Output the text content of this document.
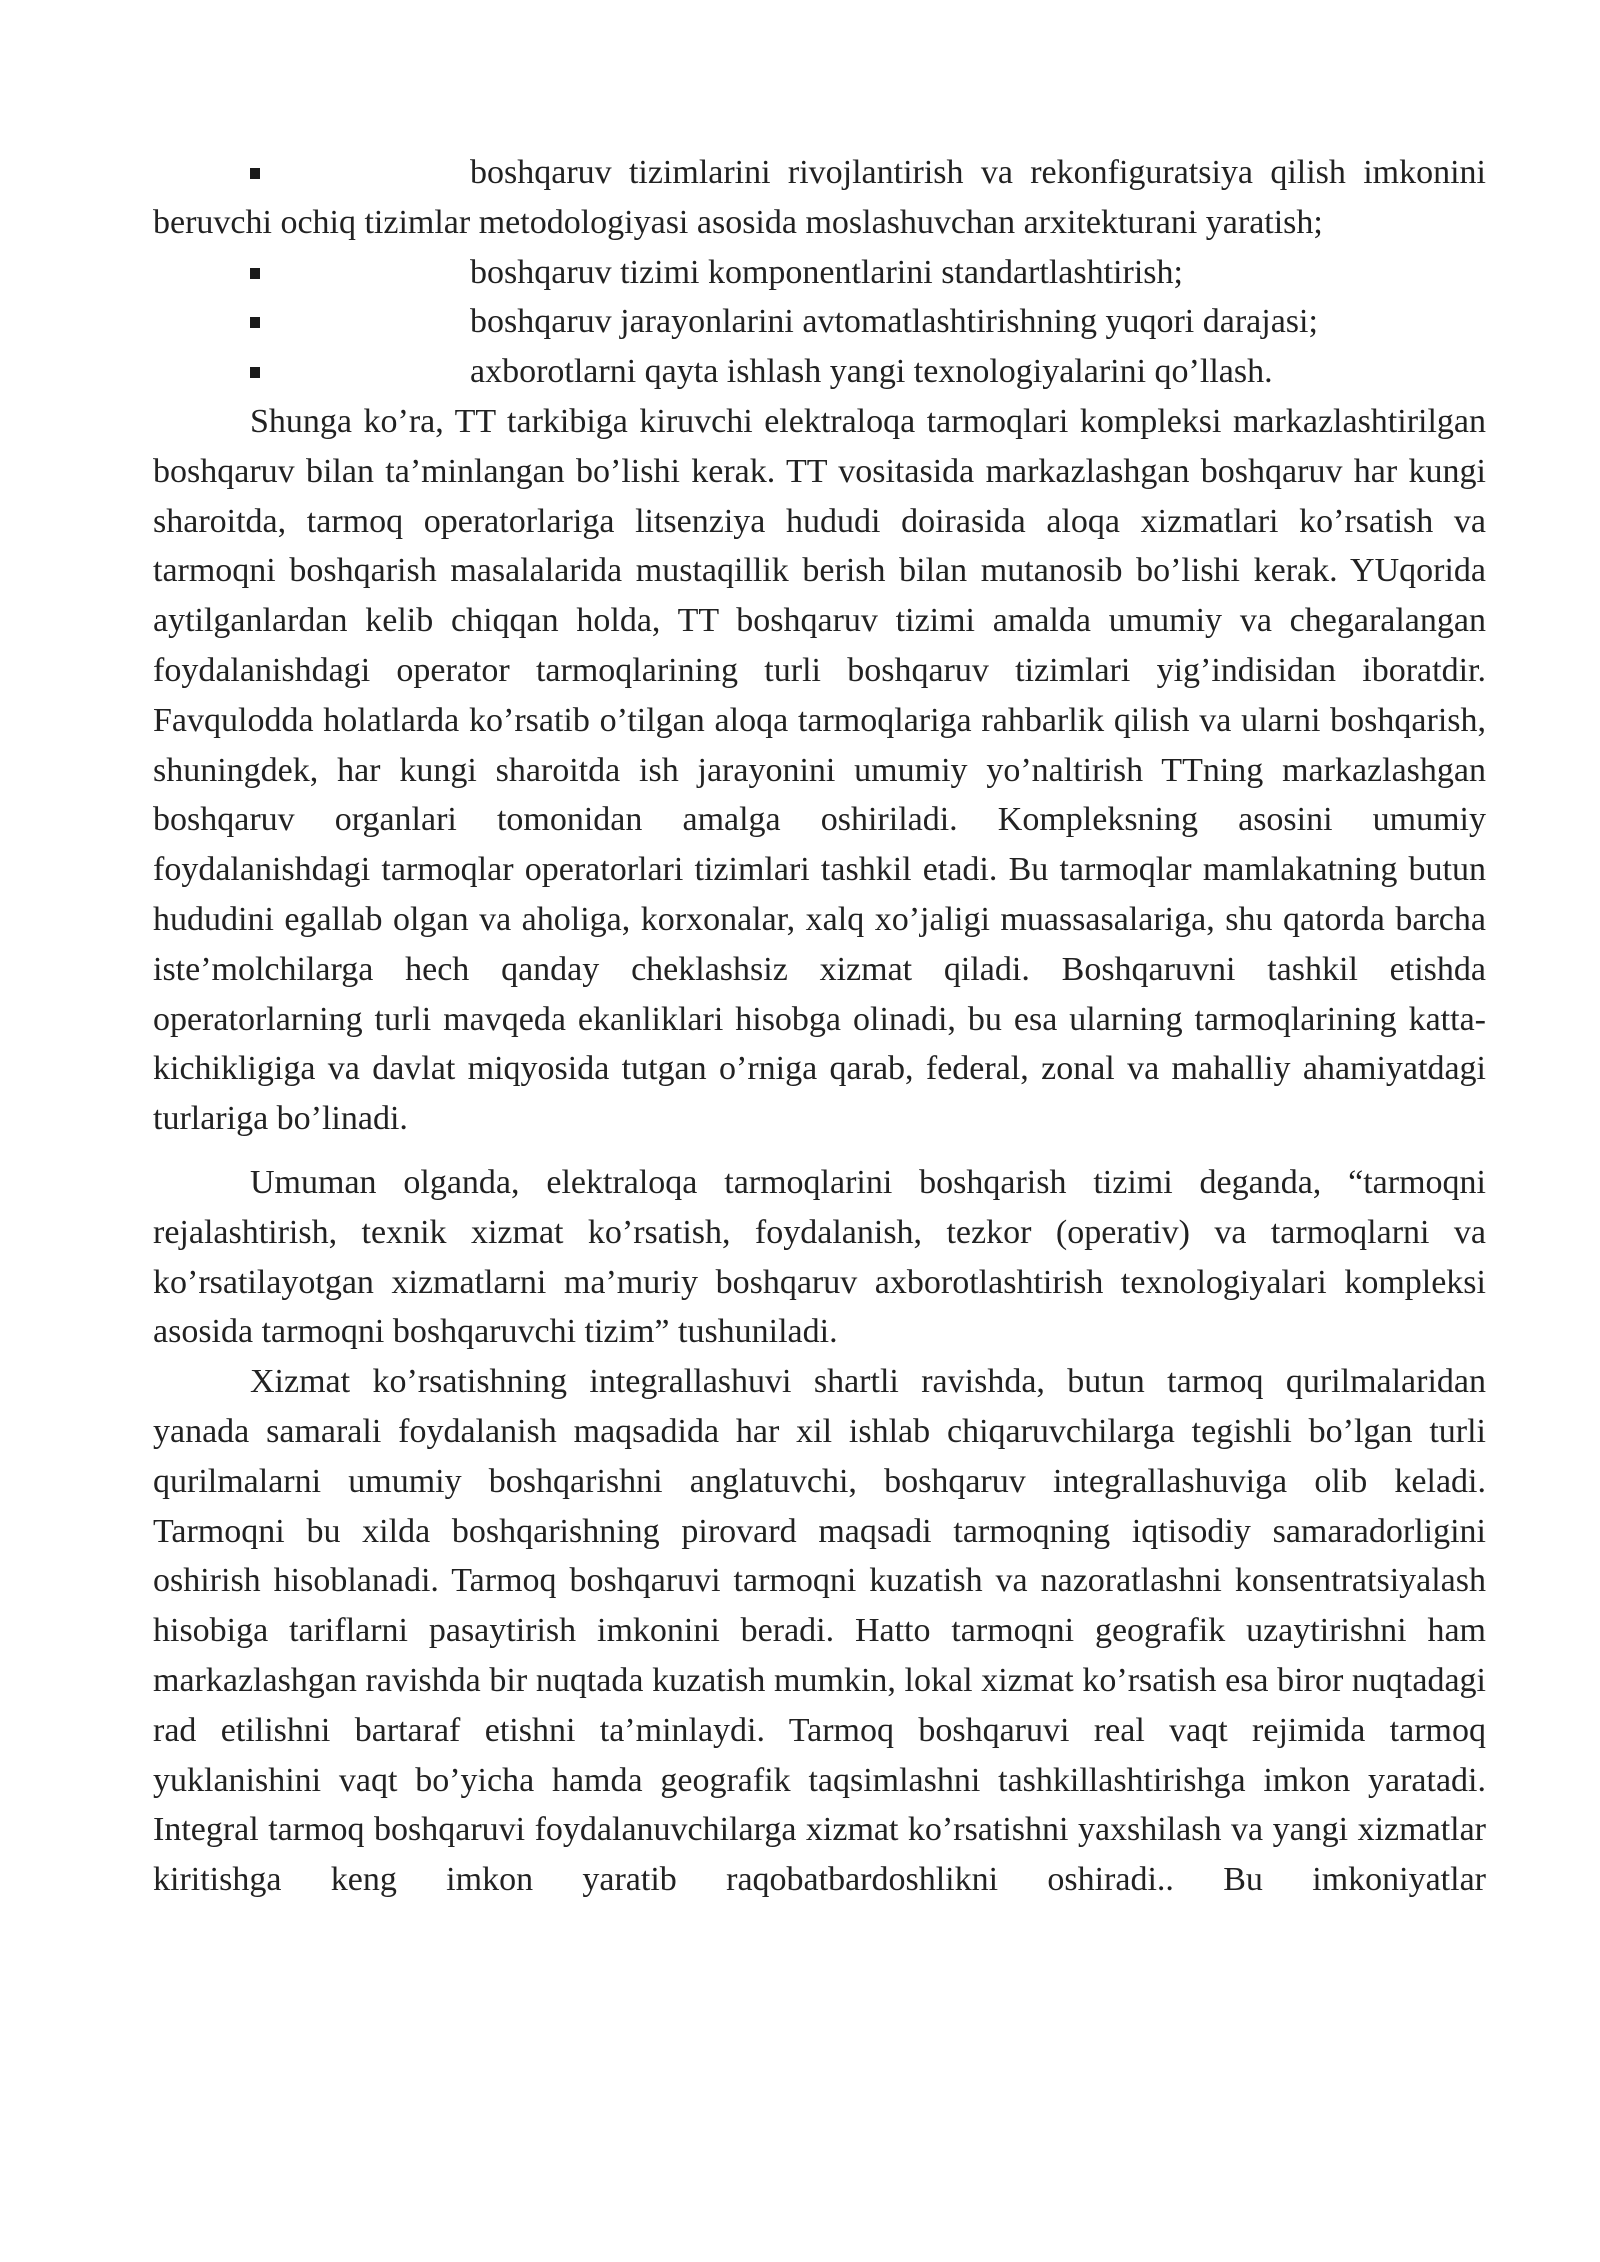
boshqaruv tizimlarini rivojlantirish va rekonfiguratsiya qilish imkonini beruvchi ochiq tizimlar metodologiyasi asosida moslashuvchan arxitekturani yaratish;

boshqaruv tizimi komponentlarini standartlashtirish;

boshqaruv jarayonlarini avtomatlashtirishning yuqori darajasi;

axborotlarni qayta ishlash yangi texnologiyalarini qo’llash.

Shunga ko’ra, TT tarkibiga kiruvchi elektraloqa tarmoqlari kompleksi markazlashtirilgan boshqaruv bilan ta’minlangan bo’lishi kerak. TT vositasida markazlashgan boshqaruv har kungi sharoitda, tarmoq operatorlariga litsenziya hududi doirasida aloqa xizmatlari ko’rsatish va tarmoqni boshqarish masalalarida mustaqillik berish bilan mutanosib bo’lishi kerak. YUqorida aytilganlardan kelib chiqqan holda, TT boshqaruv tizimi amalda umumiy va chegaralangan foydalanishdagi operator tarmoqlarining turli boshqaruv tizimlari yig’indisidan iboratdir. Favqulodda holatlarda ko’rsatib o’tilgan aloqa tarmoqlariga rahbarlik qilish va ularni boshqarish, shuningdek, har kungi sharoitda ish jarayonini umumiy yo’naltirish TTning markazlashgan boshqaruv organlari tomonidan amalga oshiriladi. Kompleksning asosini umumiy foydalanishdagi tarmoqlar operatorlari tizimlari tashkil etadi. Bu tarmoqlar mamlakatning butun hududini egallab olgan va aholiga, korxonalar, xalq xo’jaligi muassasalariga, shu qatorda barcha iste’molchilarga hech qanday cheklashsiz xizmat qiladi. Boshqaruvni tashkil etishda operatorlarning turli mavqeda ekanliklari hisobga olinadi, bu esa ularning tarmoqlarining katta-kichikligiga va davlat miqyosida tutgan o’rniga qarab, federal, zonal va mahalliy ahamiyatdagi turlariga bo’linadi.

Umuman olganda, elektraloqa tarmoqlarini boshqarish tizimi deganda, “tarmoqni rejalashtirish, texnik xizmat ko’rsatish, foydalanish, tezkor (operativ) va tarmoqlarni va ko’rsatilayotgan xizmatlarni ma’muriy boshqaruv axborotlashtirish texnologiyalari kompleksi asosida tarmoqni boshqaruvchi tizim” tushuniladi.

Xizmat ko’rsatishning integrallashuvi shartli ravishda, butun tarmoq qurilmalaridan yanada samarali foydalanish maqsadida har xil ishlab chiqaruvchilarga tegishli bo’lgan turli qurilmalarni umumiy boshqarishni anglatuvchi, boshqaruv integrallashuviga olib keladi. Tarmoqni bu xilda boshqarishning pirovard maqsadi tarmoqning iqtisodiy samaradorligini oshirish hisoblanadi. Tarmoq boshqaruvi tarmoqni kuzatish va nazoratlashni konsentratsiyalash hisobiga tariflarni pasaytirish imkonini beradi. Hatto tarmoqni geografik uzaytirishni ham markazlashgan ravishda bir nuqtada kuzatish mumkin, lokal xizmat ko’rsatish esa biror nuqtadagi rad etilishni bartaraf etishni ta’minlaydi. Tarmoq boshqaruvi real vaqt rejimida tarmoq yuklanishini vaqt bo’yicha hamda geografik taqsimlashni tashkillashtirishga imkon yaratadi. Integral tarmoq boshqaruvi foydalanuvchilarga xizmat ko’rsatishni yaxshilash va yangi xizmatlar kiritishga keng imkon yaratib raqobatbardoshlikni oshiradi.. Bu imkoniyatlar
